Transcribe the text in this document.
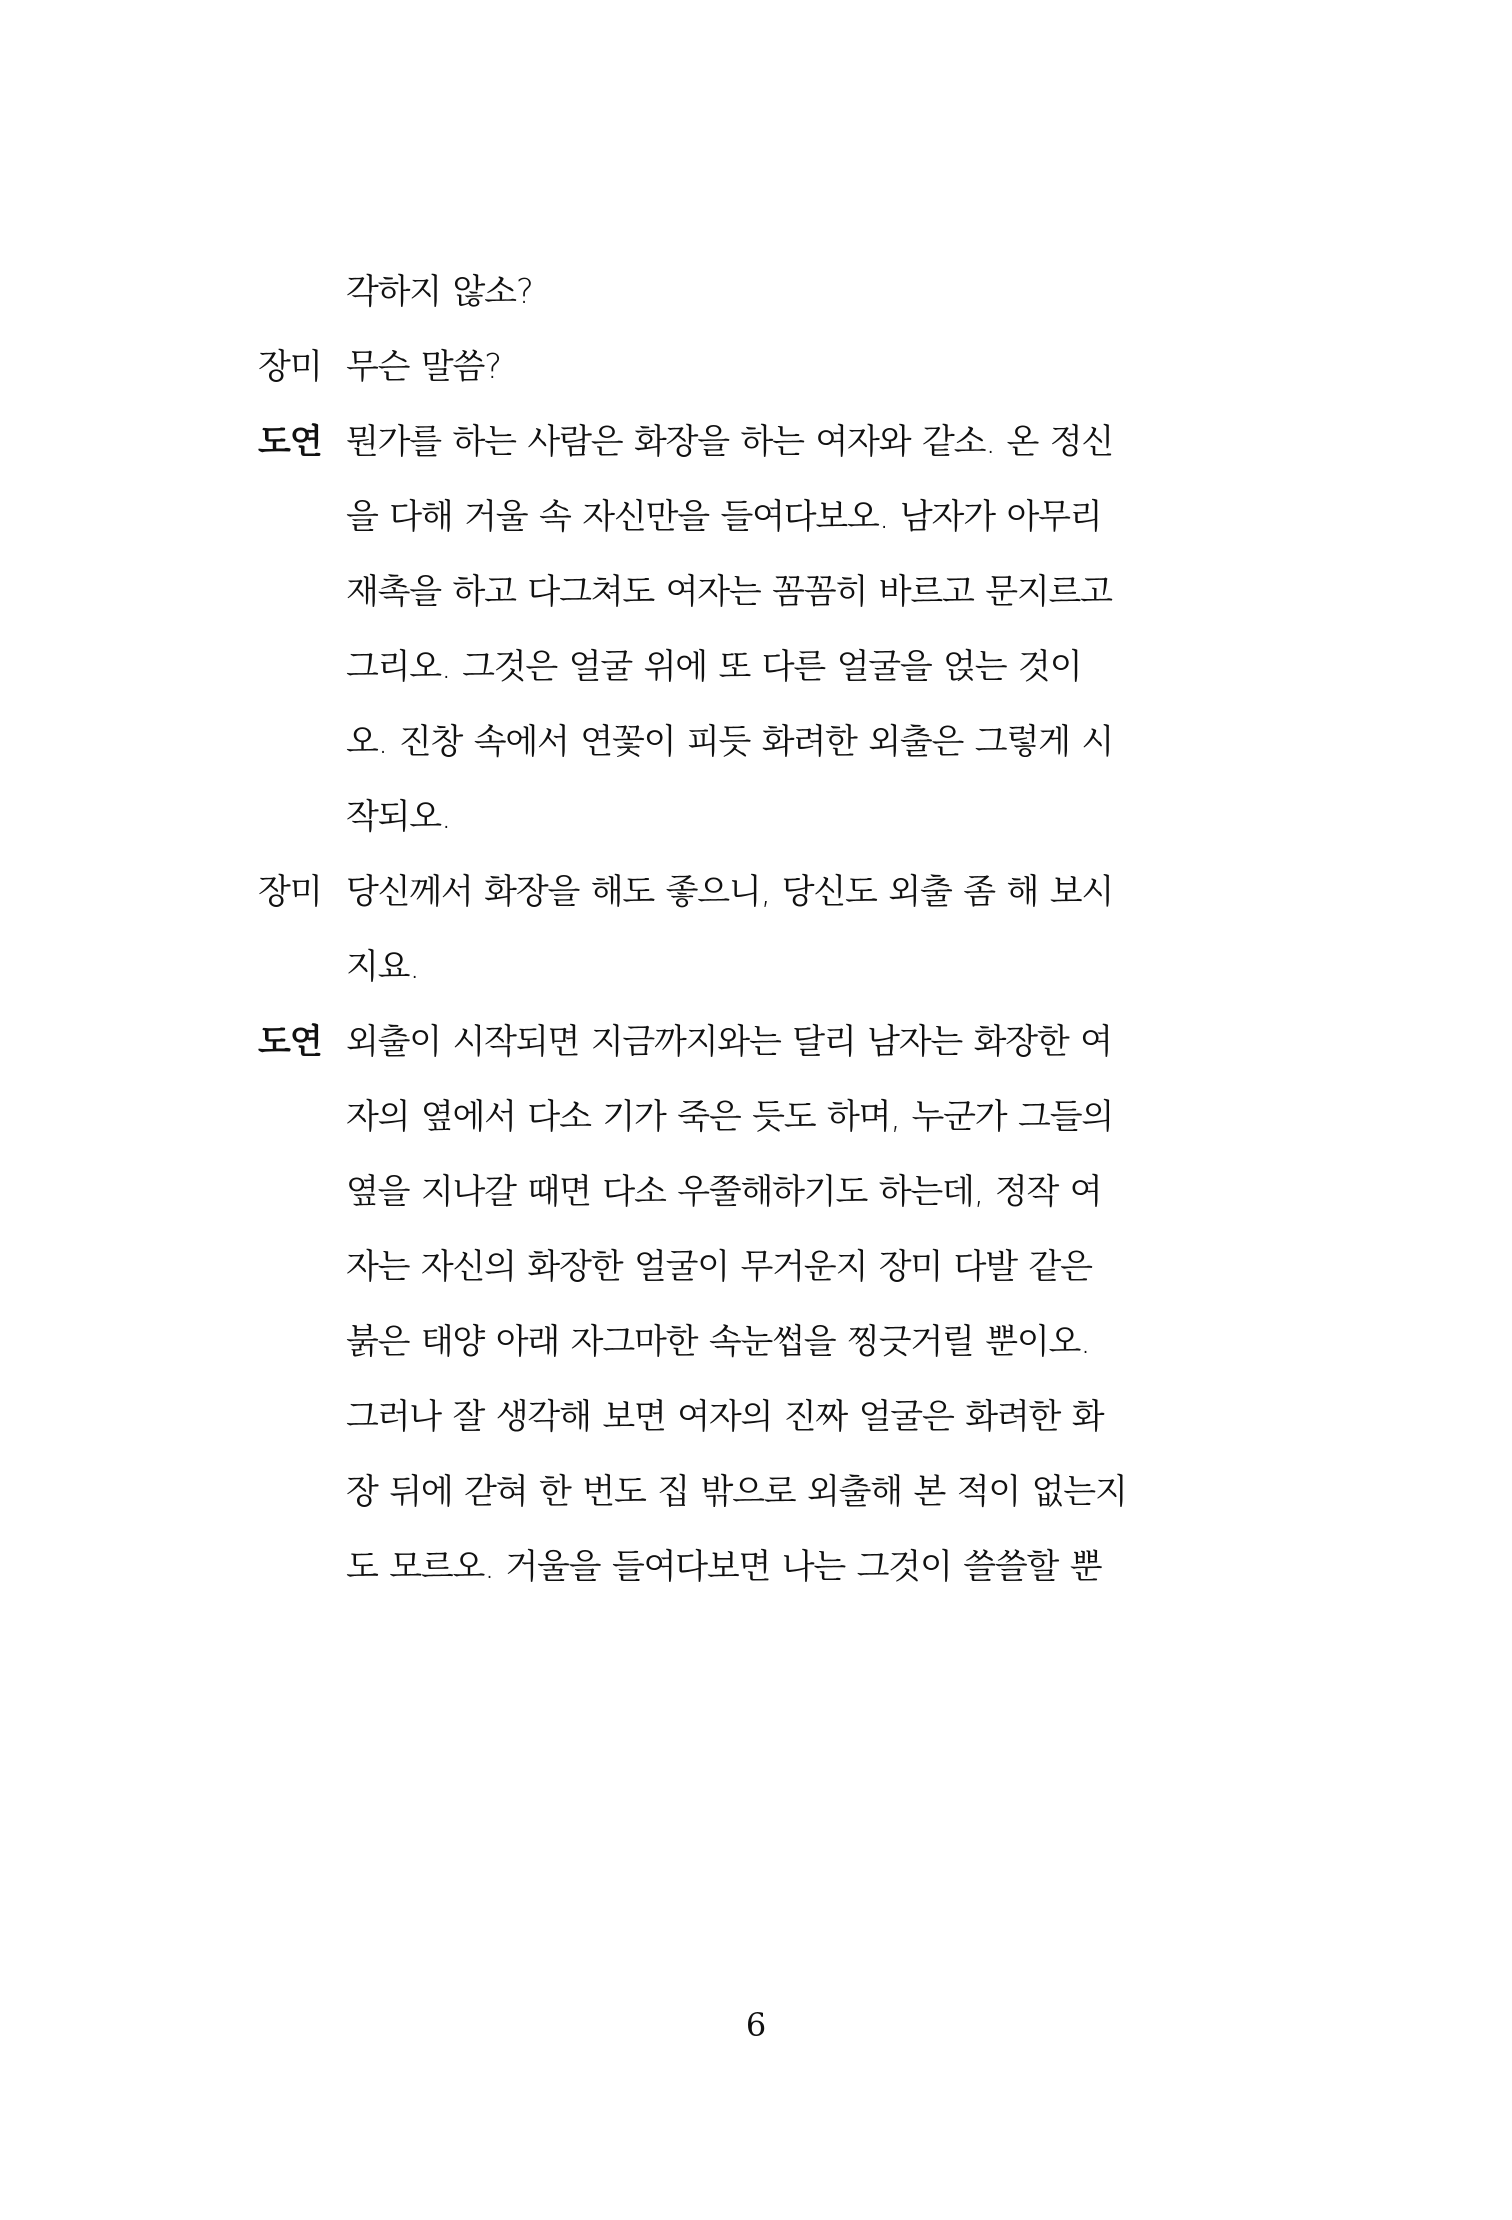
각하지 않소?
장미 무슨 말씀?
도연 뭔가를 하는 사람은 화장을 하는 여자와 같소. 온 정신
을 다해 거울 속 자신만을 들여다보오. 남자가 아무리
재촉을 하고 다그쳐도 여자는 꼼꼼히 바르고 문지르고
그리오. 그것은 얼굴 위에 또 다른 얼굴을 얹는 것이
오. 진창 속에서 연꽃이 피듯 화려한 외출은 그렇게 시
작되오.
장미 당신께서 화장을 해도 좋으니, 당신도 외출 좀 해 보시
지요.
도연 외출이 시작되면 지금까지와는 달리 남자는 화장한 여
자의 옆에서 다소 기가 죽은 듯도 하며, 누군가 그들의
옆을 지나갈 때면 다소 우쭐해하기도 하는데, 정작 여
자는 자신의 화장한 얼굴이 무거운지 장미 다발 같은
붉은 태양 아래 자그마한 속눈썹을 찡긋거릴 뿐이오.
그러나 잘 생각해 보면 여자의 진짜 얼굴은 화려한 화
장 뒤에 갇혀 한 번도 집 밖으로 외출해 본 적이 없는지
도 모르오. 거울을 들여다보면 나는 그것이 쓸쓸할 뿐
6
